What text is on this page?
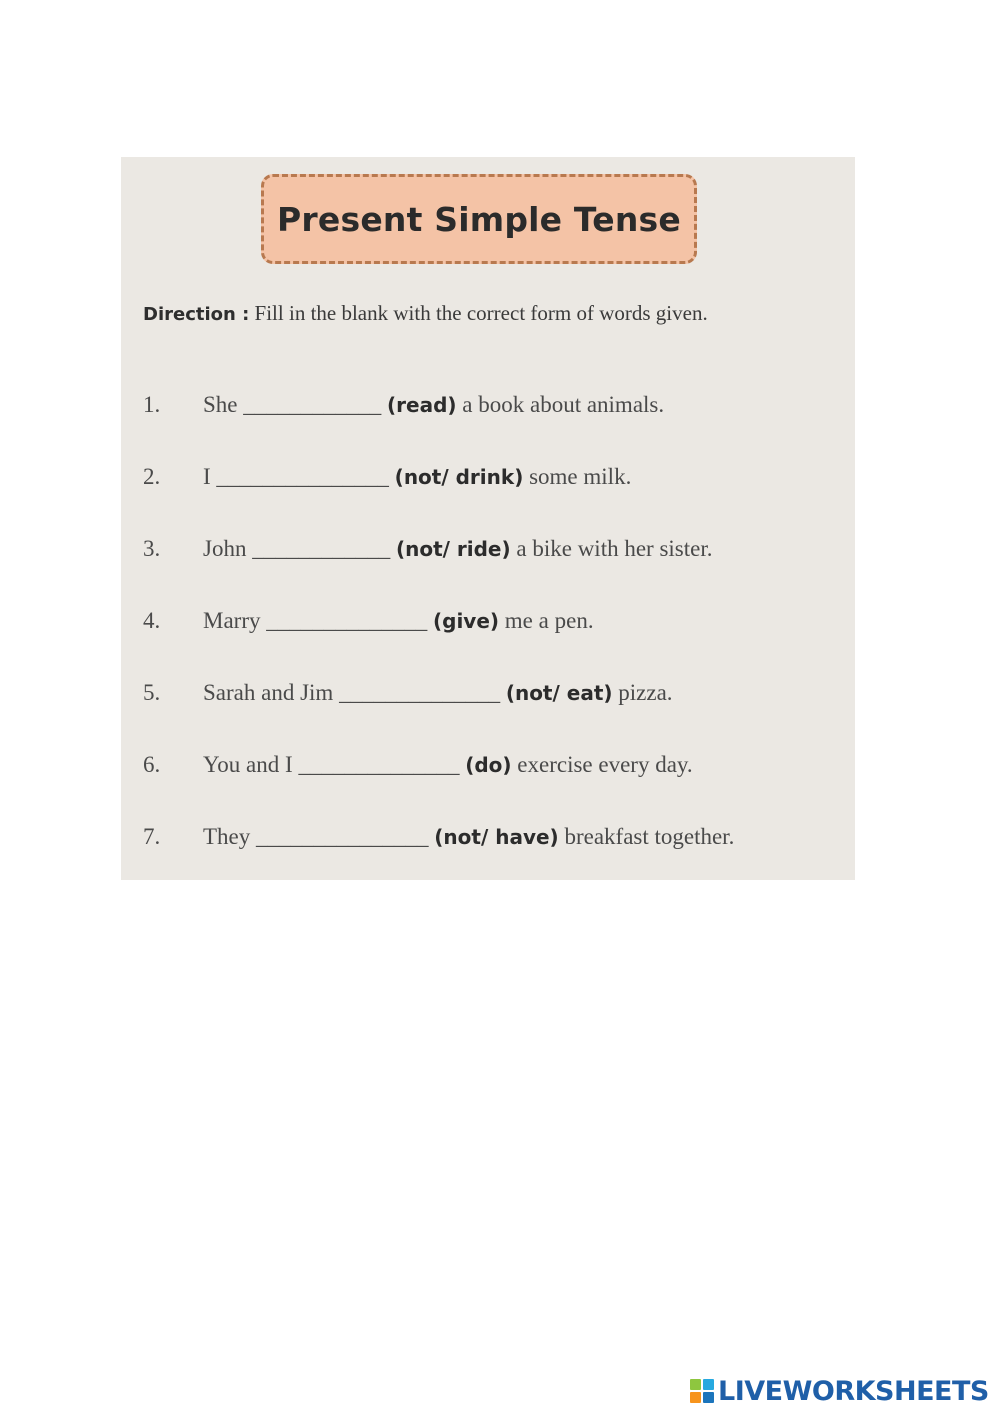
Present Simple Tense
Direction : Fill in the blank with the correct form of words given.
1. She ____________ (read) a book about animals.
2. I _______________ (not/ drink) some milk.
3. John ____________ (not/ ride) a bike with her sister.
4. Marry ______________ (give) me a pen.
5. Sarah and Jim ______________ (not/ eat) pizza.
6. You and I ______________ (do) exercise every day.
7. They _______________ (not/ have) breakfast together.
LIVEWORKSHEETS
